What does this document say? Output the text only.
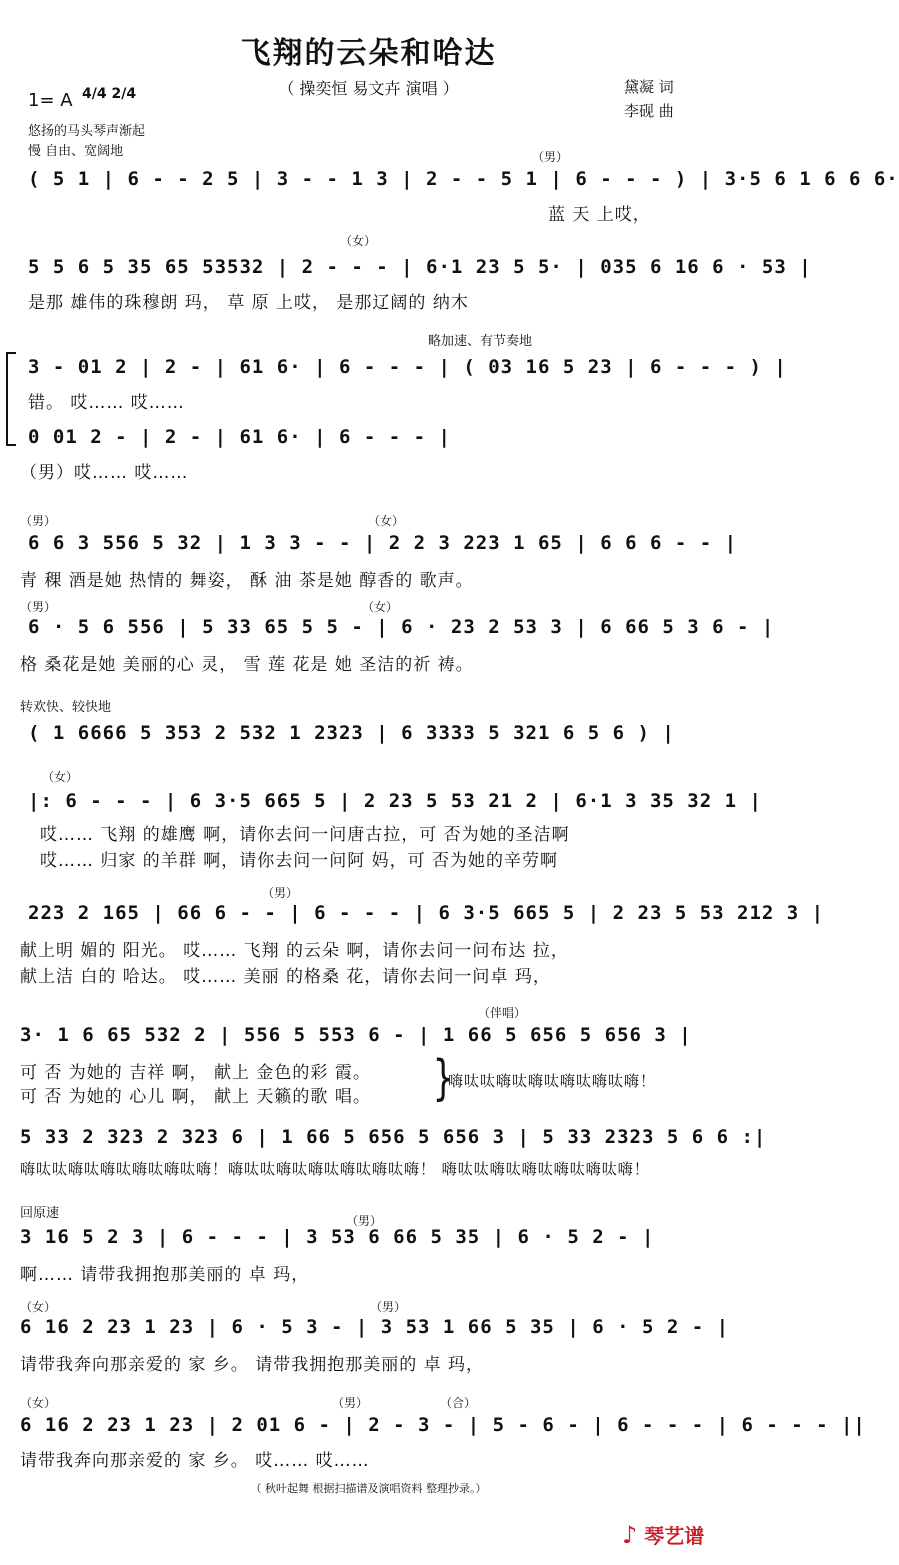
飞翔的云朵和哈达
（ 操奕恒 易文卉 演唱 ）
1= A 4/4 2/4	黛凝 词
李砚 曲
悠扬的马头琴声渐起
慢 自由、宽阔地	（男）
( 5 1 | 6 - - 2 5 | 3 - - 1 3 | 2 - - 5 1 | 6 - - - ) | 3·5 6 1 6 6 6·
蓝 天 上哎，
（女）
5 5 6 5 35 65 53532 | 2 - - - | 6·1 23 5 5· | 035 6 16 6 · 53 |
是那 雄伟的珠穆朗 玛， 草 原 上哎， 是那辽阔的 纳木
略加速、有节奏地
3 - 01 2 | 2 - | 61 6· | 6 - - - | ( 03 16 5 23 | 6 - - - ) |
错。 哎…… 哎……
0 01 2 - | 2 - | 61 6· | 6 - - - |
（男）哎…… 哎……
（男）	（女）
6 6 3 556 5 32 | 1 3 3 - - | 2 2 3 223 1 65 | 6 6 6 - - |
青 稞 酒是她 热情的 舞姿， 酥 油 茶是她 醇香的 歌声。
（男）	（女）
6 · 5 6 556 | 5 33 65 5 5 - | 6 · 23 2 53 3 | 6 66 5 3 6 - |
格 桑花是她 美丽的心 灵， 雪 莲 花是 她 圣洁的祈 祷。
转欢快、较快地
( 1 6666 5 353 2 532 1 2323 | 6 3333 5 321 6 5 6 ) |
（女）
|: 6 - - - | 6 3·5 665 5 | 2 23 5 53 21 2 | 6·1 3 35 32 1 |
哎…… 飞翔 的雄鹰 啊，请你去问一问唐古拉，可 否为她的圣洁啊
哎…… 归家 的羊群 啊，请你去问一问阿 妈，可 否为她的辛劳啊
（男）
223 2 165 | 66 6 - - | 6 - - - | 6 3·5 665 5 | 2 23 5 53 212 3 |
献上明 媚的 阳光。 哎…… 飞翔 的云朵 啊，请你去问一问布达 拉，
献上洁 白的 哈达。 哎…… 美丽 的格桑 花，请你去问一问卓 玛，
（伴唱）
3· 1 6 65 532 2 | 556 5 553 6 - | 1 66 5 656 5 656 3 |
可 否 为她的 吉祥 啊， 献上 金色的彩 霞。
可 否 为她的 心儿 啊， 献上 天籁的歌 唱。 }
嗨呔呔嗨呔嗨呔嗨呔嗨呔嗨！
5 33 2 323 2 323 6 | 1 66 5 656 5 656 3 | 5 33 2323 5 6 6 :|
嗨呔呔嗨呔嗨呔嗨呔嗨呔嗨！嗨呔呔嗨呔嗨呔嗨呔嗨呔嗨！ 嗨呔呔嗨呔嗨呔嗨呔嗨呔嗨！
回原速	（男）
3 16 5 2 3 | 6 - - - | 3 53 6 66 5 35 | 6 · 5 2 - |
啊…… 请带我拥抱那美丽的 卓 玛，
（女）	（男）
6 16 2 23 1 23 | 6 · 5 3 - | 3 53 1 66 5 35 | 6 · 5 2 - |
请带我奔向那亲爱的 家 乡。 请带我拥抱那美丽的 卓 玛，
（女）	（男）	（合）
6 16 2 23 1 23 | 2 01 6 - | 2 - 3 - | 5 - 6 - | 6 - - - | 6 - - - ||
请带我奔向那亲爱的 家 乡。 哎…… 哎……
（ 秋叶起舞 根据扫描谱及演唱资料 整理抄录。）
♪ 琴艺谱
